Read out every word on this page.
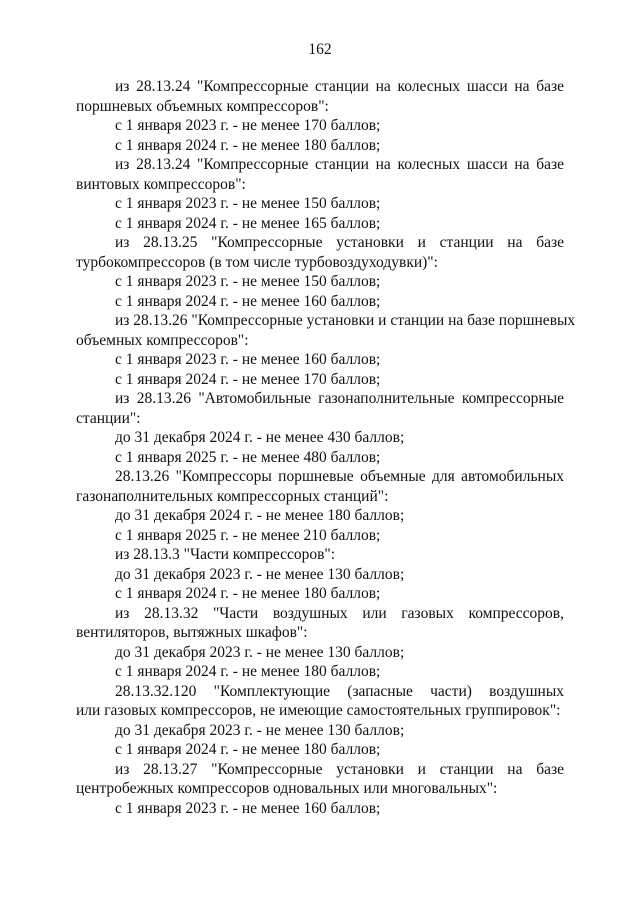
162
из 28.13.24 "Компрессорные станции на колесных шасси на базе
поршневых объемных компрессоров":
с 1 января 2023 г. - не менее 170 баллов;
с 1 января 2024 г. - не менее 180 баллов;
из 28.13.24 "Компрессорные станции на колесных шасси на базе
винтовых компрессоров":
с 1 января 2023 г. - не менее 150 баллов;
с 1 января 2024 г. - не менее 165 баллов;
из 28.13.25 "Компрессорные установки и станции на базе
турбокомпрессоров (в том числе турбовоздуходувки)":
с 1 января 2023 г. - не менее 150 баллов;
с 1 января 2024 г. - не менее 160 баллов;
из 28.13.26 "Компрессорные установки и станции на базе поршневых
объемных компрессоров":
с 1 января 2023 г. - не менее 160 баллов;
с 1 января 2024 г. - не менее 170 баллов;
из 28.13.26 "Автомобильные газонаполнительные компрессорные
станции":
до 31 декабря 2024 г. - не менее 430 баллов;
с 1 января 2025 г. - не менее 480 баллов;
28.13.26 "Компрессоры поршневые объемные для автомобильных
газонаполнительных компрессорных станций":
до 31 декабря 2024 г. - не менее 180 баллов;
с 1 января 2025 г. - не менее 210 баллов;
из 28.13.3 "Части компрессоров":
до 31 декабря 2023 г. - не менее 130 баллов;
с 1 января 2024 г. - не менее 180 баллов;
из 28.13.32 "Части воздушных или газовых компрессоров,
вентиляторов, вытяжных шкафов":
до 31 декабря 2023 г. - не менее 130 баллов;
с 1 января 2024 г. - не менее 180 баллов;
28.13.32.120 "Комплектующие (запасные части) воздушных
или газовых компрессоров, не имеющие самостоятельных группировок":
до 31 декабря 2023 г. - не менее 130 баллов;
с 1 января 2024 г. - не менее 180 баллов;
из 28.13.27 "Компрессорные установки и станции на базе
центробежных компрессоров одновальных или многовальных":
с 1 января 2023 г. - не менее 160 баллов;
